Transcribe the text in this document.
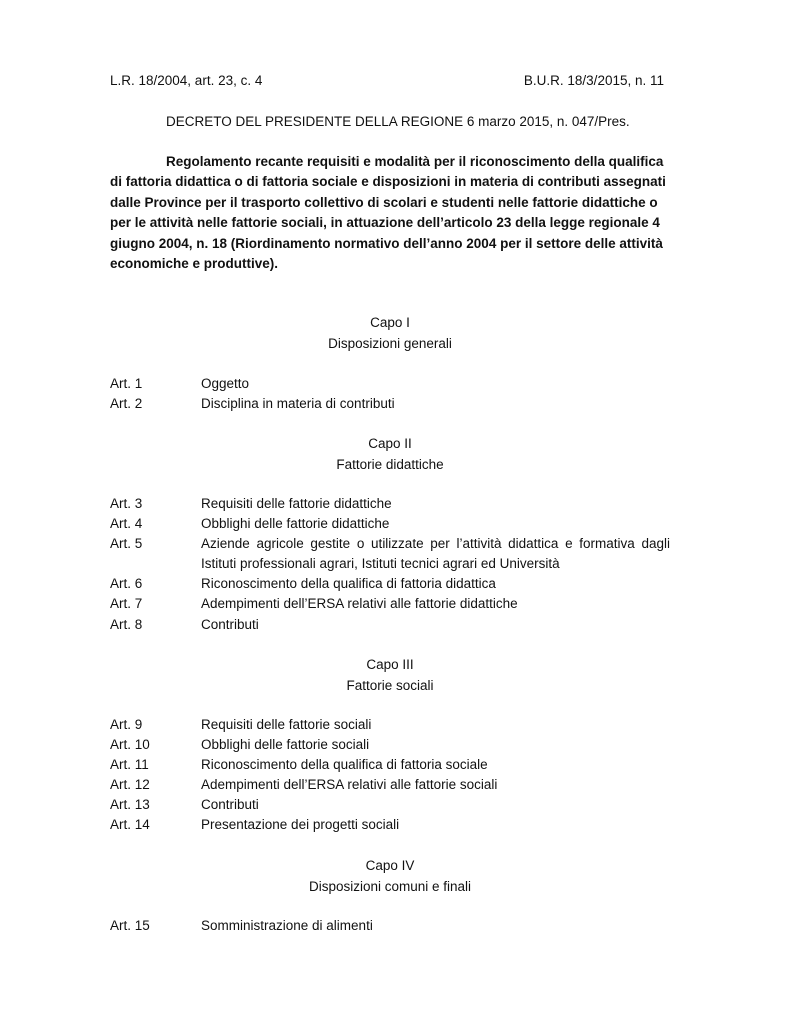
L.R. 18/2004, art. 23, c. 4	B.U.R. 18/3/2015, n. 11
DECRETO DEL PRESIDENTE DELLA REGIONE 6 marzo 2015, n. 047/Pres.

Regolamento recante requisiti e modalità per il riconoscimento della qualifica di fattoria didattica o di fattoria sociale e disposizioni in materia di contributi assegnati dalle Province per il trasporto collettivo di scolari e studenti nelle fattorie didattiche o per le attività nelle fattorie sociali, in attuazione dell’articolo 23 della legge regionale 4 giugno 2004, n. 18 (Riordinamento normativo dell’anno 2004 per il settore delle attività economiche e produttive).

Capo I
Disposizioni generali
Art. 1	Oggetto
Art. 2	Disciplina in materia di contributi
Capo II
Fattorie didattiche
Art. 3	Requisiti delle fattorie didattiche
Art. 4	Obblighi delle fattorie didattiche
Art. 5	Aziende agricole gestite o utilizzate per l’attività didattica e formativa dagli Istituti professionali agrari, Istituti tecnici agrari ed Università
Art. 6	Riconoscimento della qualifica di fattoria didattica
Art. 7	Adempimenti dell’ERSA relativi alle fattorie didattiche
Art. 8	Contributi
Capo III
Fattorie sociali
Art. 9	Requisiti delle fattorie sociali
Art. 10	Obblighi delle fattorie sociali
Art. 11	Riconoscimento della qualifica di fattoria sociale
Art. 12	Adempimenti dell’ERSA relativi alle fattorie sociali
Art. 13	Contributi
Art. 14	Presentazione dei progetti sociali
Capo IV
Disposizioni comuni e finali
Art. 15	Somministrazione di alimenti
